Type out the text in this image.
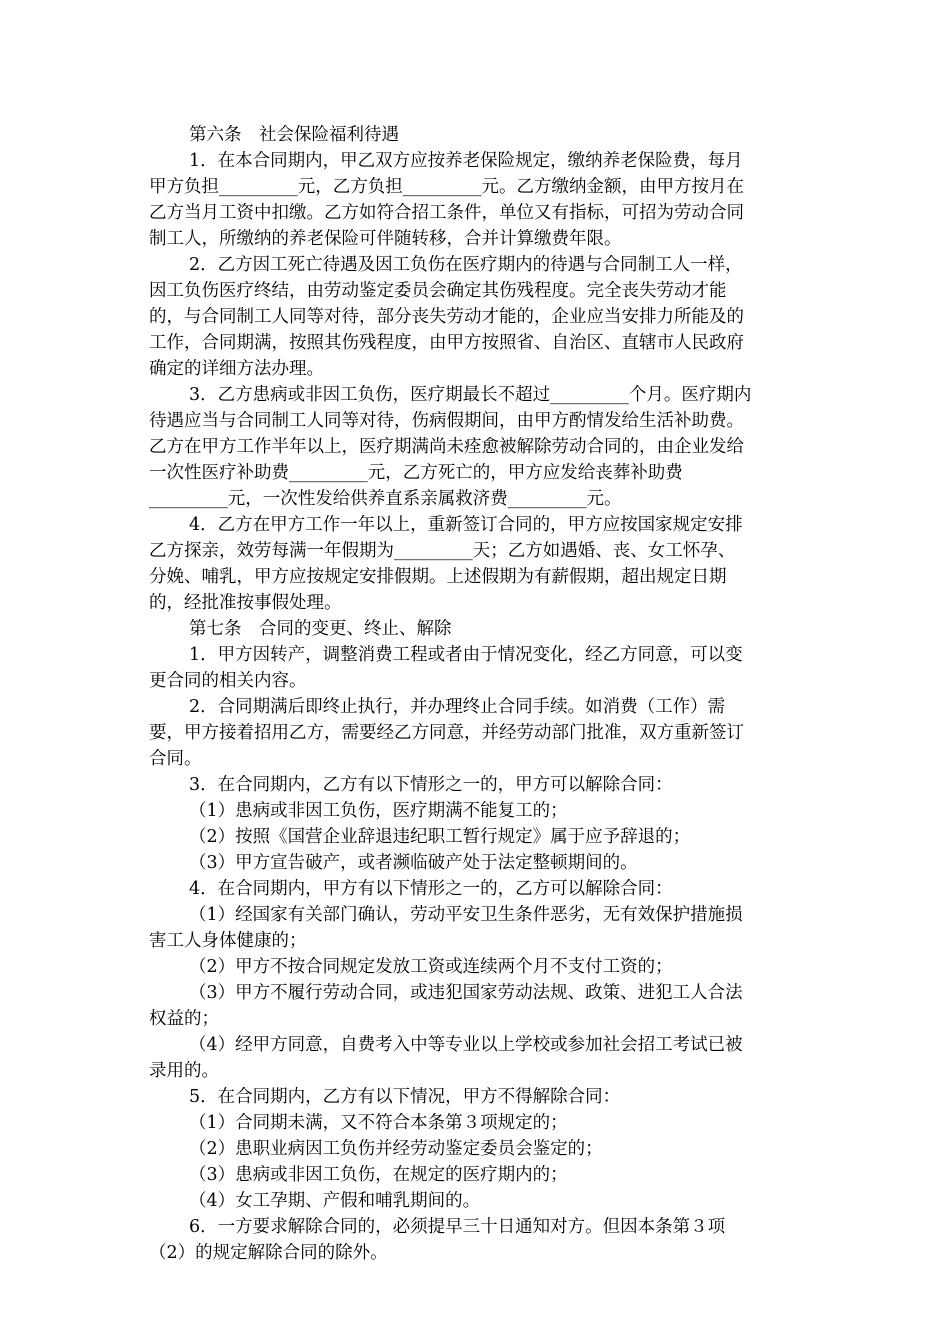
第六条　社会保险福利待遇
1．在本合同期内，甲乙双方应按养老保险规定，缴纳养老保险费，每月
甲方负担_________元，乙方负担_________元。乙方缴纳金额，由甲方按月在
乙方当月工资中扣缴。乙方如符合招工条件，单位又有指标，可招为劳动合同
制工人，所缴纳的养老保险可伴随转移，合并计算缴费年限。
2．乙方因工死亡待遇及因工负伤在医疗期内的待遇与合同制工人一样，
因工负伤医疗终结，由劳动鉴定委员会确定其伤残程度。完全丧失劳动才能
的，与合同制工人同等对待，部分丧失劳动才能的，企业应当安排力所能及的
工作，合同期满，按照其伤残程度，由甲方按照省、自治区、直辖市人民政府
确定的详细方法办理。
3．乙方患病或非因工负伤，医疗期最长不超过_________个月。医疗期内
待遇应当与合同制工人同等对待，伤病假期间，由甲方酌情发给生活补助费。
乙方在甲方工作半年以上，医疗期满尚未痊愈被解除劳动合同的，由企业发给
一次性医疗补助费_________元，乙方死亡的，甲方应发给丧葬补助费
_________元，一次性发给供养直系亲属救济费_________元。
4．乙方在甲方工作一年以上，重新签订合同的，甲方应按国家规定安排
乙方探亲，效劳每满一年假期为_________天；乙方如遇婚、丧、女工怀孕、
分娩、哺乳，甲方应按规定安排假期。上述假期为有薪假期，超出规定日期
的，经批准按事假处理。
第七条　合同的变更、终止、解除
1．甲方因转产，调整消费工程或者由于情况变化，经乙方同意，可以变
更合同的相关内容。
2．合同期满后即终止执行，并办理终止合同手续。如消费（工作）需
要，甲方接着招用乙方，需要经乙方同意，并经劳动部门批准，双方重新签订
合同。
3．在合同期内，乙方有以下情形之一的，甲方可以解除合同：
（1）患病或非因工负伤，医疗期满不能复工的；
（2）按照《国营企业辞退违纪职工暂行规定》属于应予辞退的；
（3）甲方宣告破产，或者濒临破产处于法定整顿期间的。
4．在合同期内，甲方有以下情形之一的，乙方可以解除合同：
（1）经国家有关部门确认，劳动平安卫生条件恶劣，无有效保护措施损
害工人身体健康的；
（2）甲方不按合同规定发放工资或连续两个月不支付工资的；
（3）甲方不履行劳动合同，或违犯国家劳动法规、政策、进犯工人合法
权益的；
（4）经甲方同意，自费考入中等专业以上学校或参加社会招工考试已被
录用的。
5．在合同期内，乙方有以下情况，甲方不得解除合同：
（1）合同期未满，又不符合本条第３项规定的；
（2）患职业病因工负伤并经劳动鉴定委员会鉴定的；
（3）患病或非因工负伤，在规定的医疗期内的；
（4）女工孕期、产假和哺乳期间的。
6．一方要求解除合同的，必须提早三十日通知对方。但因本条第３项
（2）的规定解除合同的除外。
